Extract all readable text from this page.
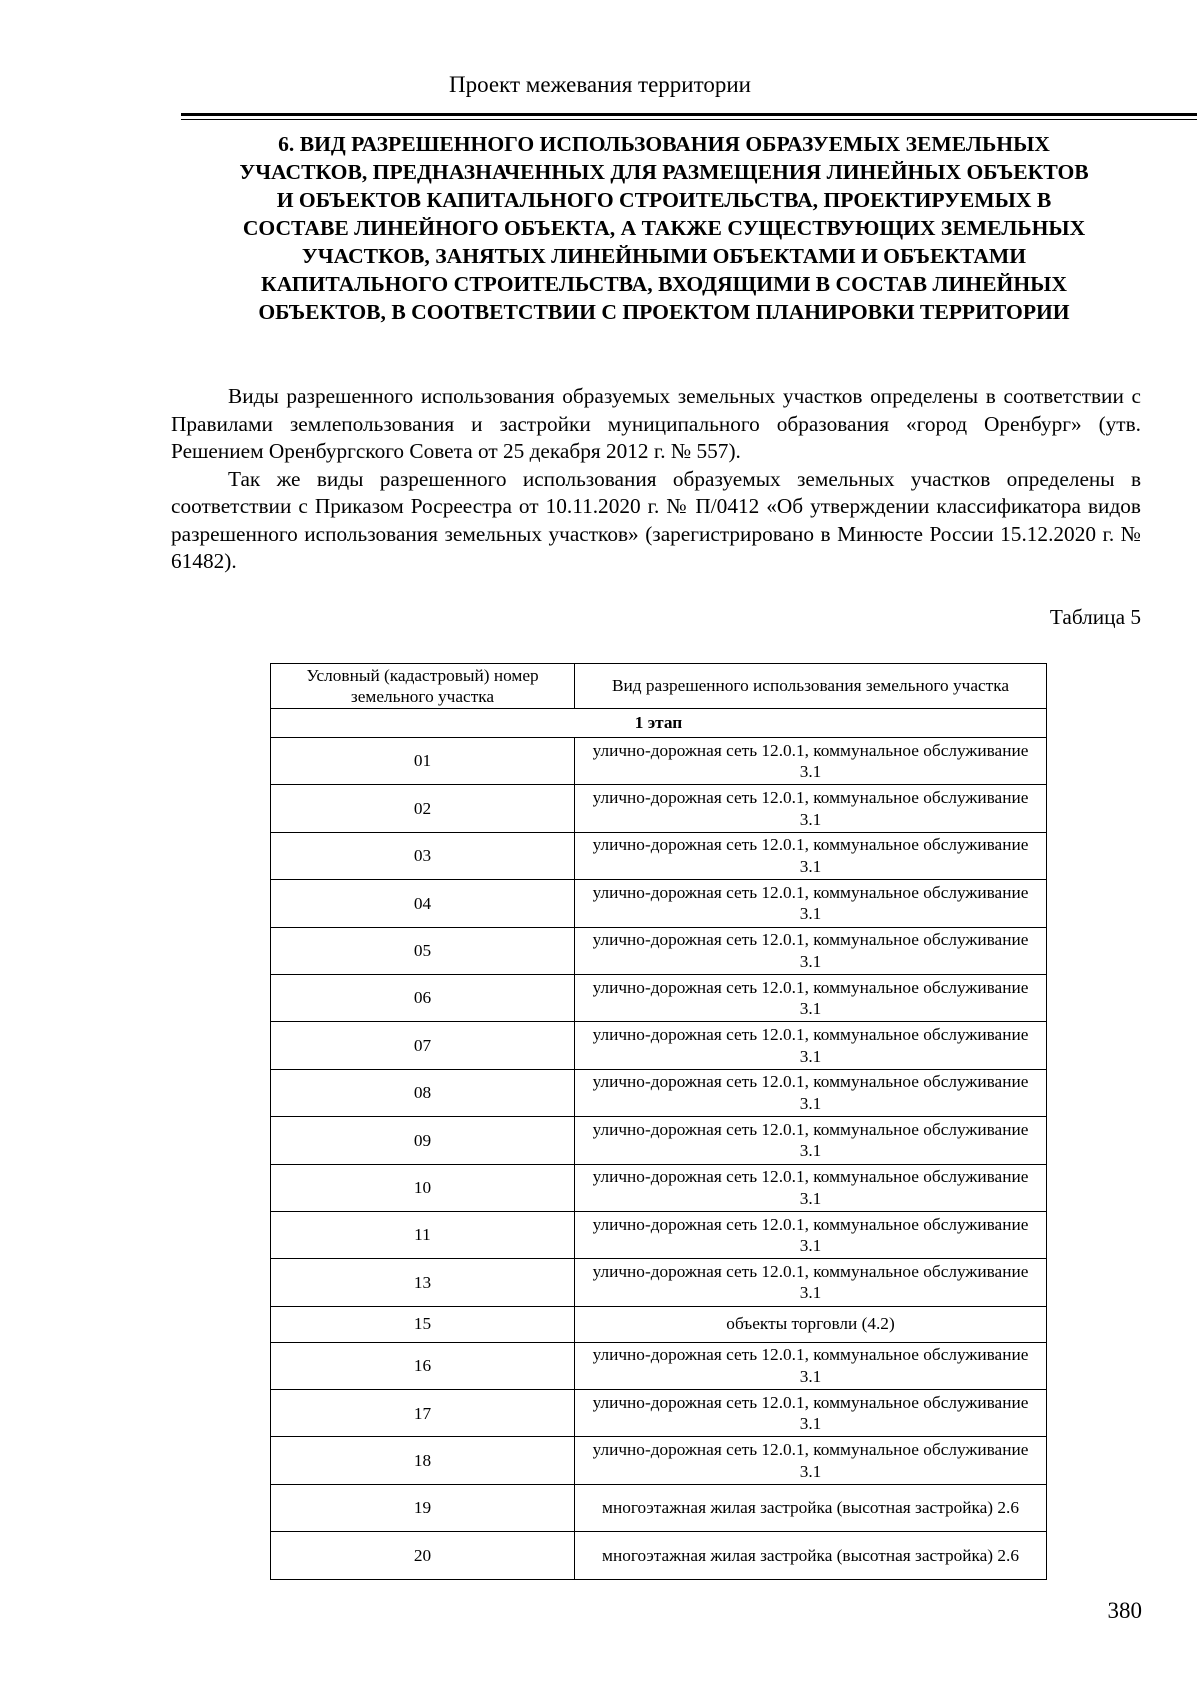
Проект межевания территории
6. ВИД РАЗРЕШЕННОГО ИСПОЛЬЗОВАНИЯ ОБРАЗУЕМЫХ ЗЕМЕЛЬНЫХ
УЧАСТКОВ, ПРЕДНАЗНАЧЕННЫХ ДЛЯ РАЗМЕЩЕНИЯ ЛИНЕЙНЫХ ОБЪЕКТОВ
И ОБЪЕКТОВ КАПИТАЛЬНОГО СТРОИТЕЛЬСТВА, ПРОЕКТИРУЕМЫХ В
СОСТАВЕ ЛИНЕЙНОГО ОБЪЕКТА, А ТАКЖЕ СУЩЕСТВУЮЩИХ ЗЕМЕЛЬНЫХ
УЧАСТКОВ, ЗАНЯТЫХ ЛИНЕЙНЫМИ ОБЪЕКТАМИ И ОБЪЕКТАМИ
КАПИТАЛЬНОГО СТРОИТЕЛЬСТВА, ВХОДЯЩИМИ В СОСТАВ ЛИНЕЙНЫХ
ОБЪЕКТОВ, В СООТВЕТСТВИИ С ПРОЕКТОМ ПЛАНИРОВКИ ТЕРРИТОРИИ

Виды разрешенного использования образуемых земельных участков определены в соответствии с Правилами землепользования и застройки муниципального образования «город Оренбург» (утв. Решением Оренбургского Совета от 25 декабря 2012 г. № 557).

Так же виды разрешенного использования образуемых земельных участков определены в соответствии с Приказом Росреестра от 10.11.2020 г. № П/0412 «Об утверждении классификатора видов разрешенного использования земельных участков» (зарегистрировано в Минюсте России 15.12.2020 г. № 61482).

Таблица 5
Условный (кадастровый) номер земельного участка	Вид разрешенного использования земельного участка
1 этап	
01	улично-дорожная сеть 12.0.1, коммунальное обслуживание 3.1
02	улично-дорожная сеть 12.0.1, коммунальное обслуживание 3.1
03	улично-дорожная сеть 12.0.1, коммунальное обслуживание 3.1
04	улично-дорожная сеть 12.0.1, коммунальное обслуживание 3.1
05	улично-дорожная сеть 12.0.1, коммунальное обслуживание 3.1
06	улично-дорожная сеть 12.0.1, коммунальное обслуживание 3.1
07	улично-дорожная сеть 12.0.1, коммунальное обслуживание 3.1
08	улично-дорожная сеть 12.0.1, коммунальное обслуживание 3.1
09	улично-дорожная сеть 12.0.1, коммунальное обслуживание 3.1
10	улично-дорожная сеть 12.0.1, коммунальное обслуживание 3.1
11	улично-дорожная сеть 12.0.1, коммунальное обслуживание 3.1
13	улично-дорожная сеть 12.0.1, коммунальное обслуживание 3.1
15	объекты торговли (4.2)
16	улично-дорожная сеть 12.0.1, коммунальное обслуживание 3.1
17	улично-дорожная сеть 12.0.1, коммунальное обслуживание 3.1
18	улично-дорожная сеть 12.0.1, коммунальное обслуживание 3.1
19	многоэтажная жилая застройка (высотная застройка) 2.6
20	многоэтажная жилая застройка (высотная застройка) 2.6
380
